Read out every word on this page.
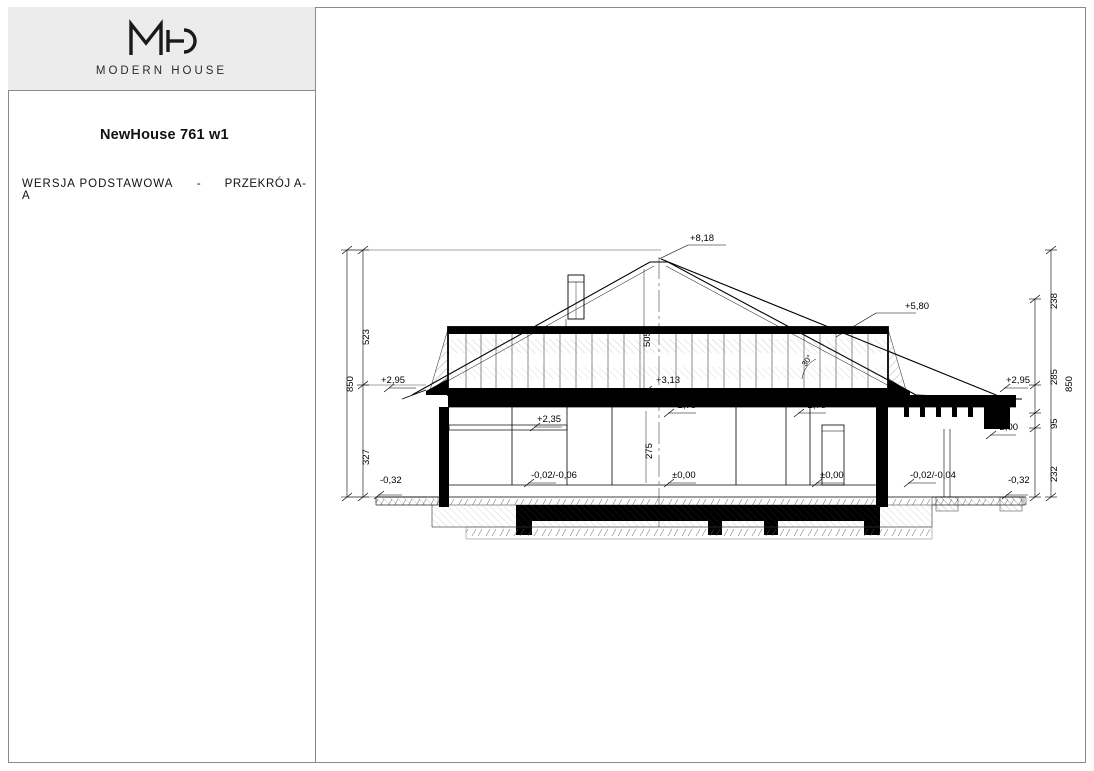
MODERN HOUSE
NewHouse 761 w1
WERSJA PODSTAWOWA - PRZEKRÓJ A-A
+8,18
+5,80
+2,95	+2,95
+3,13
+2,75	+2,75
+2,35
+2,00
±0,00	±0,00
-0,02/-0,06	-0,02/-0,04
-0,32	-0,32
850
523
327
238
285 850
95
232
505
275
30°
